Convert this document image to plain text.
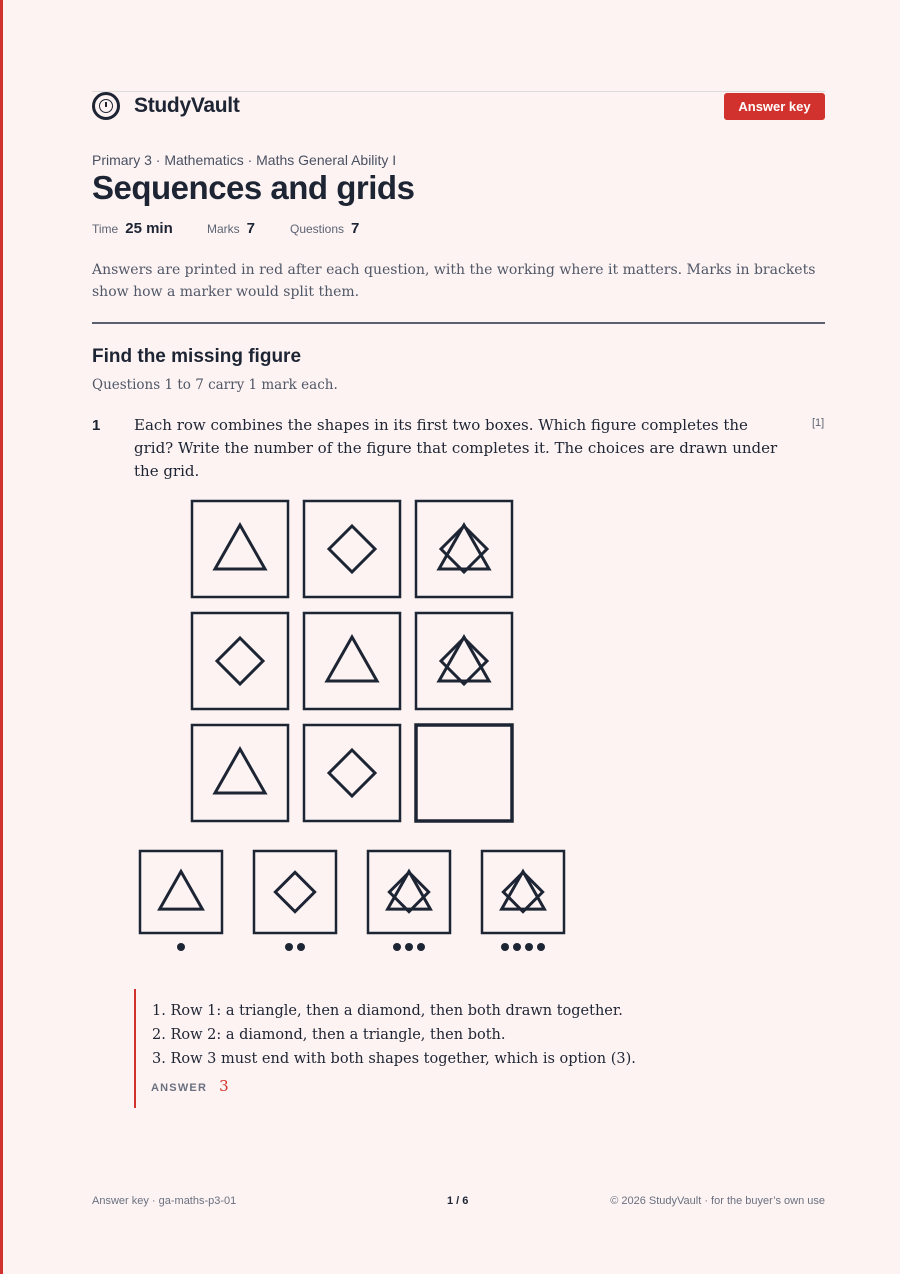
StudyVault	Answer key
Primary 3 · Mathematics · Maths General Ability I
Sequences and grids
Time 25 min	Marks 7	Questions 7
Answers are printed in red after each question, with the working where it matters. Marks in brackets show how a marker would split them.
Find the missing figure
Questions 1 to 7 carry 1 mark each.
1 Each row combines the shapes in its first two boxes. Which figure completes the grid? Write the number of the figure that completes it. The choices are drawn under the grid.
[1]
1. Row 1: a triangle, then a diamond, then both drawn together.
2. Row 2: a diamond, then a triangle, then both.
3. Row 3 must end with both shapes together, which is option (3).
ANSWER 3
Answer key · ga-maths-p3-01	1 / 6	© 2026 StudyVault · for the buyer’s own use
